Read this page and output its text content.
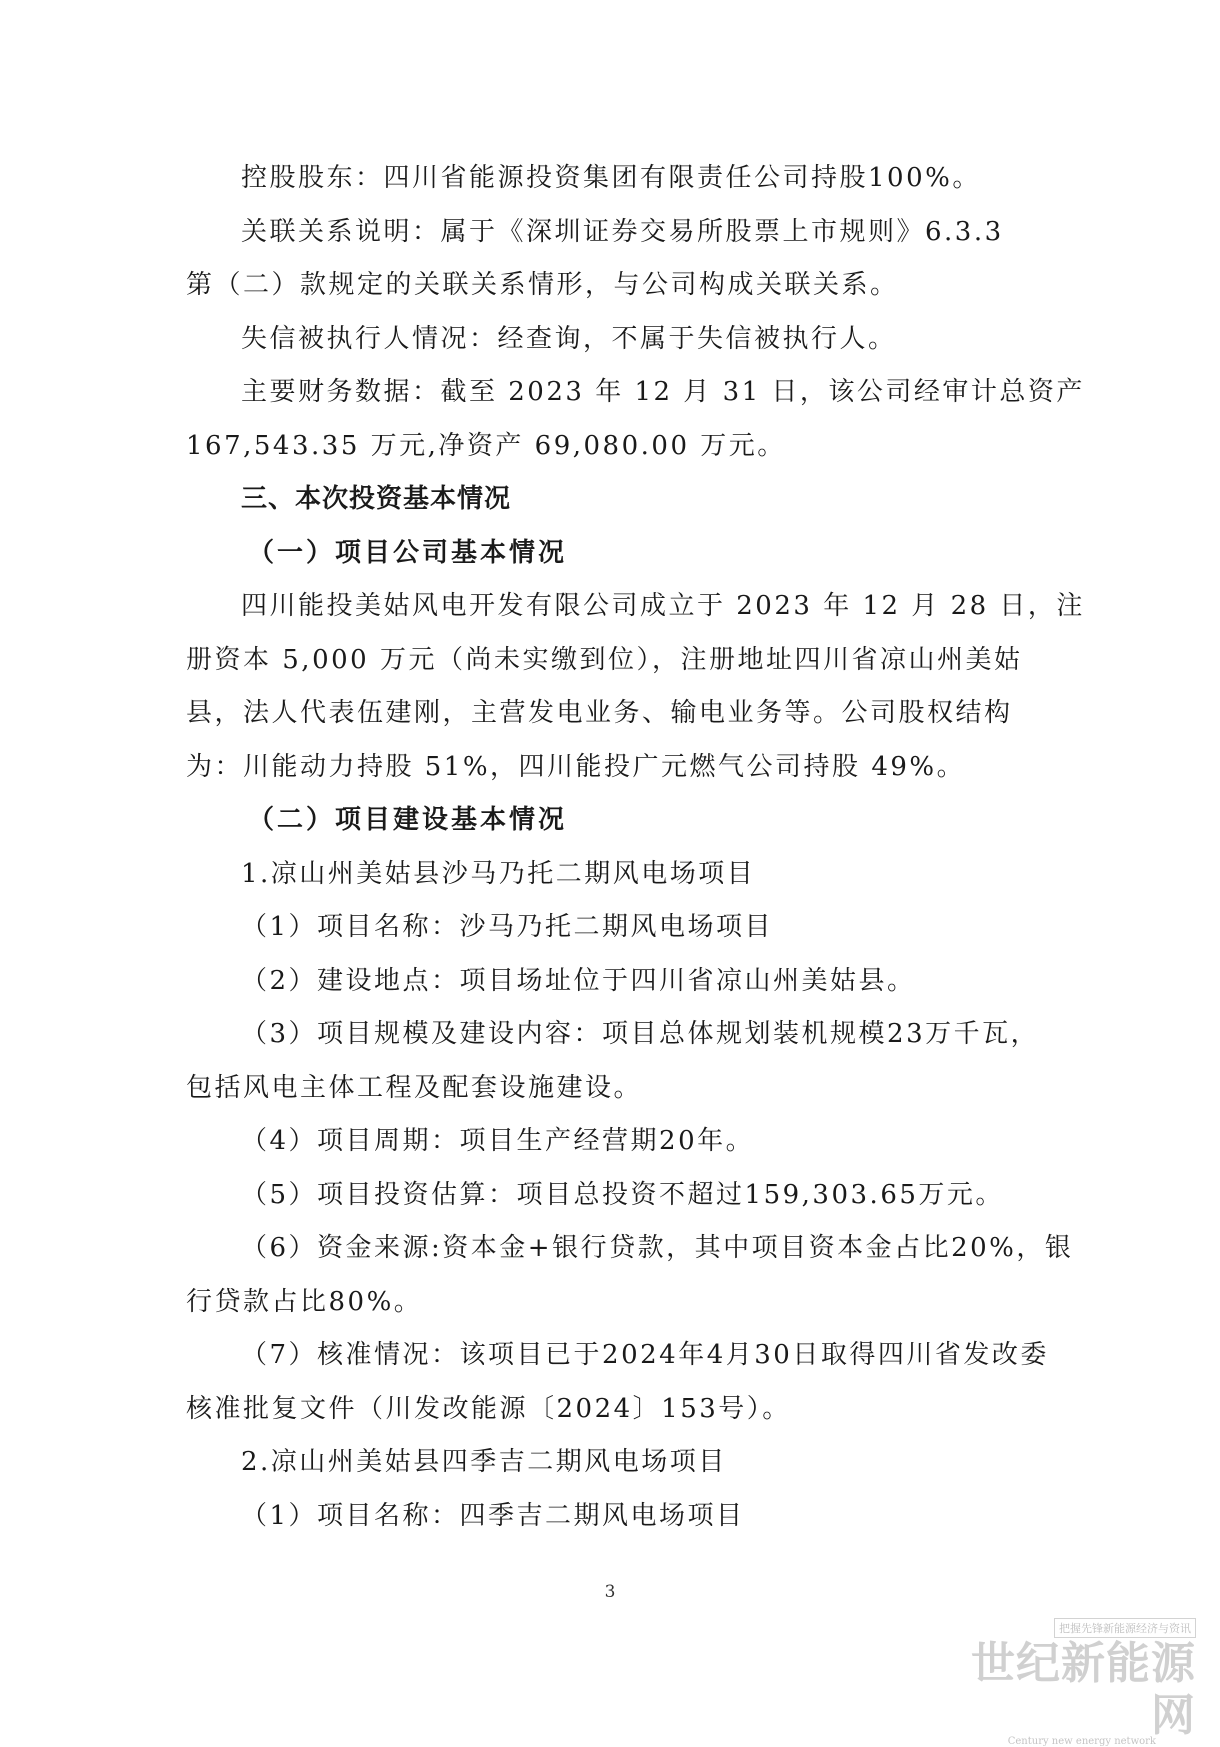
控股股东：四川省能源投资集团有限责任公司持股100%。
关联关系说明：属于《深圳证券交易所股票上市规则》6.3.3
第（二）款规定的关联关系情形，与公司构成关联关系。
失信被执行人情况：经查询，不属于失信被执行人。
主要财务数据：截至 2023 年 12 月 31 日，该公司经审计总资产
167,543.35 万元,净资产 69,080.00 万元。
三、本次投资基本情况
（一）项目公司基本情况
四川能投美姑风电开发有限公司成立于 2023 年 12 月 28 日，注
册资本 5,000 万元（尚未实缴到位），注册地址四川省凉山州美姑
县，法人代表伍建刚，主营发电业务、输电业务等。公司股权结构
为：川能动力持股 51%，四川能投广元燃气公司持股 49%。
（二）项目建设基本情况
1.凉山州美姑县沙马乃托二期风电场项目
（1）项目名称：沙马乃托二期风电场项目
（2）建设地点：项目场址位于四川省凉山州美姑县。
（3）项目规模及建设内容：项目总体规划装机规模23万千瓦，
包括风电主体工程及配套设施建设。
（4）项目周期：项目生产经营期20年。
（5）项目投资估算：项目总投资不超过159,303.65万元。
（6）资金来源:资本金+银行贷款，其中项目资本金占比20%，银
行贷款占比80%。
（7）核准情况：该项目已于2024年4月30日取得四川省发改委
核准批复文件（川发改能源〔2024〕153号）。
2.凉山州美姑县四季吉二期风电场项目
（1）项目名称：四季吉二期风电场项目
3
把握先锋新能源经济与资讯
世纪新能源网
Century new energy network
